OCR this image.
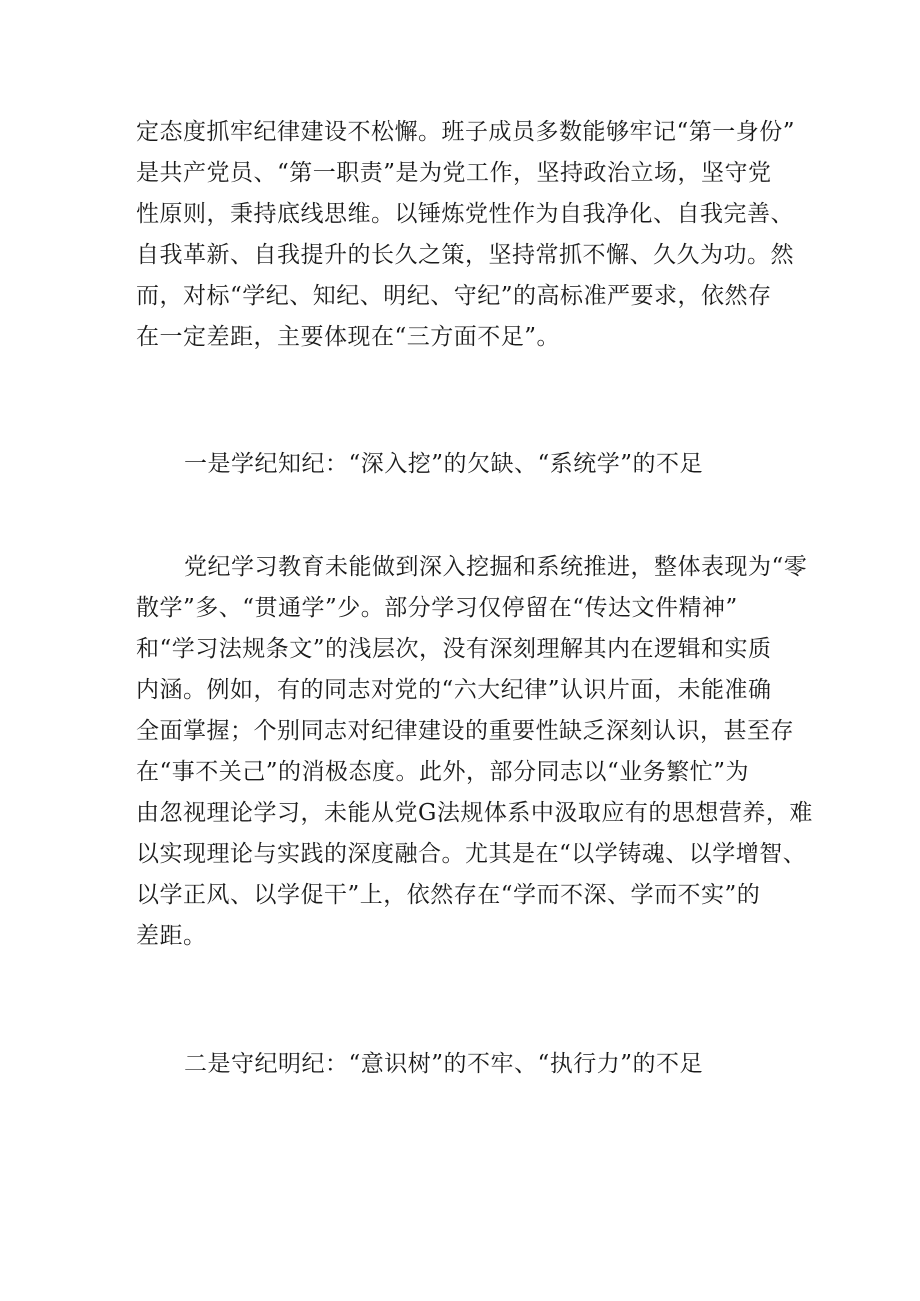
定态度抓牢纪律建设不松懈。班子成员多数能够牢记“第一身份”
是共产党员、“第一职责”是为党工作，坚持政治立场，坚守党
性原则，秉持底线思维。以锤炼党性作为自我净化、自我完善、
自我革新、自我提升的长久之策，坚持常抓不懈、久久为功。然
而，对标“学纪、知纪、明纪、守纪”的高标准严要求，依然存
在一定差距，主要体现在“三方面不足”。
一是学纪知纪：“深入挖”的欠缺、“系统学”的不足
党纪学习教育未能做到深入挖掘和系统推进，整体表现为“零
散学”多、“贯通学”少。部分学习仅停留在“传达文件精神”
和“学习法规条文”的浅层次，没有深刻理解其内在逻辑和实质
内涵。例如，有的同志对党的“六大纪律”认识片面，未能准确
全面掌握；个别同志对纪律建设的重要性缺乏深刻认识，甚至存
在“事不关己”的消极态度。此外，部分同志以“业务繁忙”为
由忽视理论学习，未能从党G法规体系中汲取应有的思想营养，难
以实现理论与实践的深度融合。尤其是在“以学铸魂、以学增智、
以学正风、以学促干”上，依然存在“学而不深、学而不实”的
差距。
二是守纪明纪：“意识树”的不牢、“执行力”的不足
